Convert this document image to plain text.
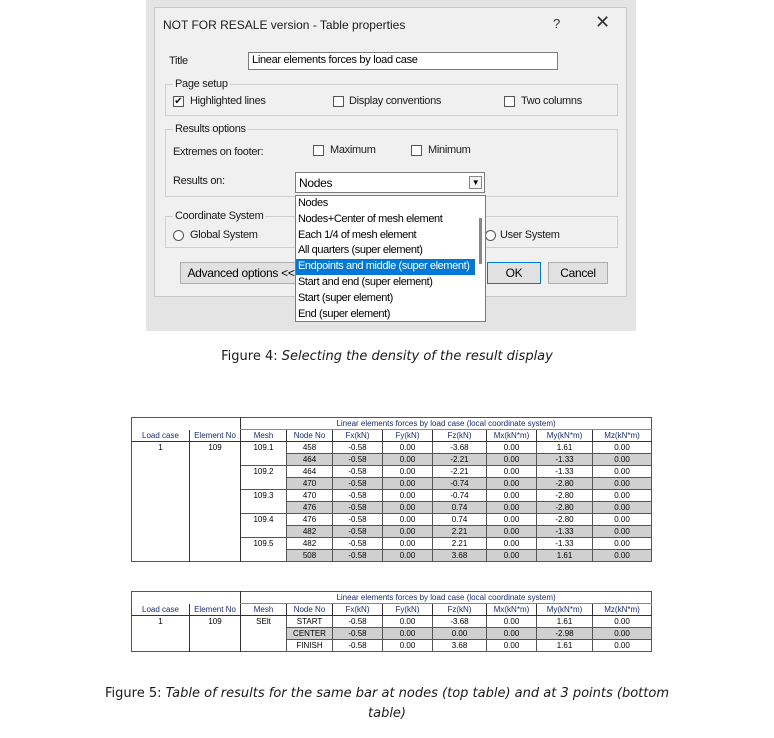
NOT FOR RESALE version - Table properties	? ✕
Title	Linear elements forces by load case
Page setup
✔
Highlighted lines	Display conventions	Two columns
Results options
Extremes on footer:	Maximum	Minimum
Results on:	Nodes	▼
Coordinate System
Global System	User System
Advanced options <<	OK	Cancel
Nodes
Nodes+Center of mesh element
Each 1/4 of mesh element
All quarters (super element)
Endpoints and middle (super element)
Start and end (super element)
Start (super element)
End (super element)
Figure 4: Selecting the density of the result display
		Linear elements forces by load case (local coordinate system)							
Load case	Element No	Mesh	Node No	Fx(kN)	Fy(kN)	Fz(kN)	Mx(kN*m)	My(kN*m)	Mz(kN*m)
1	109	109.1	458	-0.58	0.00	-3.68	0.00	1.61	0.00
			464	-0.58	0.00	-2.21	0.00	-1.33	0.00
		109.2	464	-0.58	0.00	-2.21	0.00	-1.33	0.00
			470	-0.58	0.00	-0.74	0.00	-2.80	0.00
		109.3	470	-0.58	0.00	-0.74	0.00	-2.80	0.00
			476	-0.58	0.00	0.74	0.00	-2.80	0.00
		109.4	476	-0.58	0.00	0.74	0.00	-2.80	0.00
			482	-0.58	0.00	2.21	0.00	-1.33	0.00
		109.5	482	-0.58	0.00	2.21	0.00	-1.33	0.00
			508	-0.58	0.00	3.68	0.00	1.61	0.00
		Linear elements forces by load case (local coordinate system)							
Load case	Element No	Mesh	Node No	Fx(kN)	Fy(kN)	Fz(kN)	Mx(kN*m)	My(kN*m)	Mz(kN*m)
1	109	SElt	START	-0.58	0.00	-3.68	0.00	1.61	0.00
			CENTER	-0.58	0.00	0.00	0.00	-2.98	0.00
			FINISH	-0.58	0.00	3.68	0.00	1.61	0.00
Figure 5: Table of results for the same bar at nodes (top table) and at 3 points (bottom table)
